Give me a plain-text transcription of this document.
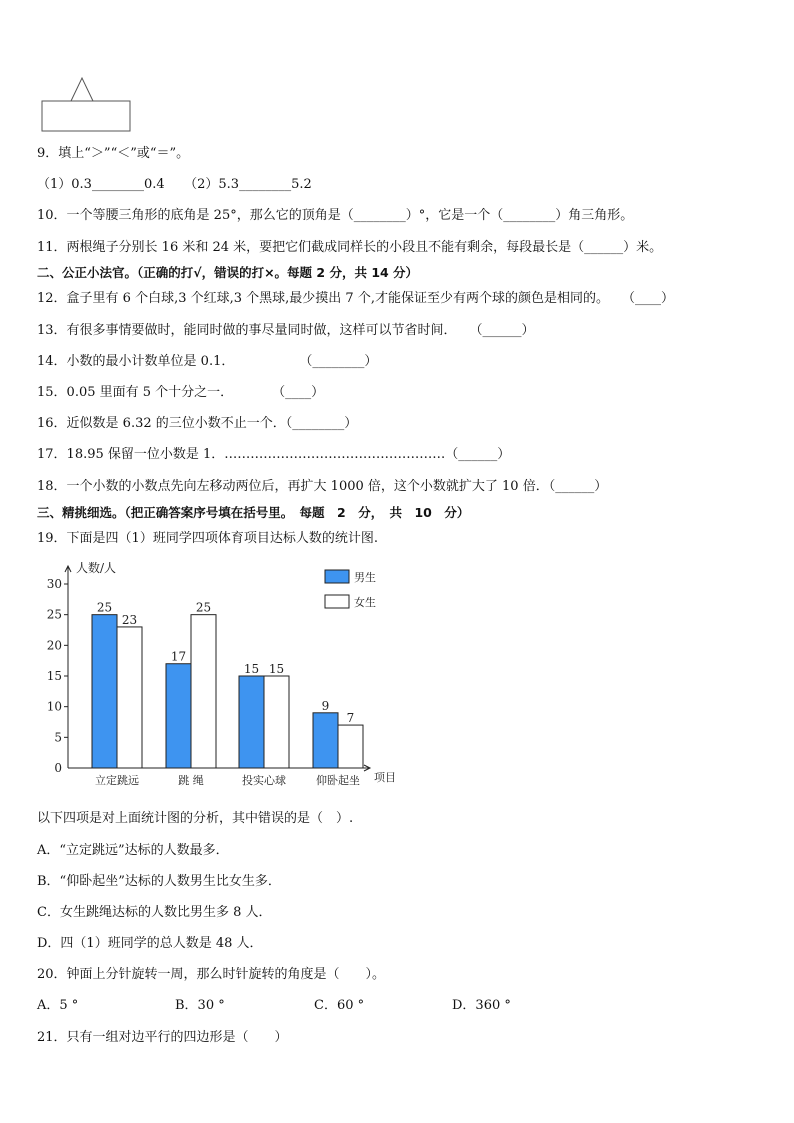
9．填上“＞”“＜”或“＝”。
（1）0.3________0.4　　（2）5.3________5.2
10．一个等腰三角形的底角是 25°，那么它的顶角是（________）°，它是一个（________）角三角形。
11．两根绳子分别长 16 米和 24 米，要把它们截成同样长的小段且不能有剩余，每段最长是（______）米。
二、公正小法官。（正确的打√，错误的打×。每题 2 分，共 14 分）
12．盒子里有 6 个白球,3 个红球,3 个黑球,最少摸出 7 个,才能保证至少有两个球的颜色是相同的。　　（____）
13．有很多事情要做时，能同时做的事尽量同时做，这样可以节省时间．　　（______）
14．小数的最小计数单位是 0.1．　　　　　　（________）
15．0.05 里面有 5 个十分之一．　　　　（____）
16．近似数是 6.32 的三位小数不止一个．（________）
17．18.95 保留一位小数是 1．……………………………………………（______）
18．一个小数的小数点先向左移动两位后，再扩大 1000 倍，这个小数就扩大了 10 倍．（______）
三、精挑细选。（把正确答案序号填在括号里。　每题　2　分，　共　10　分）
19．下面是四（1）班同学四项体育项目达标人数的统计图.
人数/人
项目
0
5
10
15
20
25
30
25
23
立定跳远
17
25
跳 绳
15 15
投实心球
9
7
仰卧起坐
男生
女生
以下四项是对上面统计图的分析，其中错误的是（　）.
A．“立定跳远”达标的人数最多．
B．“仰卧起坐”达标的人数男生比女生多．
C．女生跳绳达标的人数比男生多 8 人．
D．四（1）班同学的总人数是 48 人．
20．钟面上分针旋转一周，那么时针旋转的角度是（　　）。
A．5 °	B．30 °	C．60 °	D．360 °
21．只有一组对边平行的四边形是（　　）
